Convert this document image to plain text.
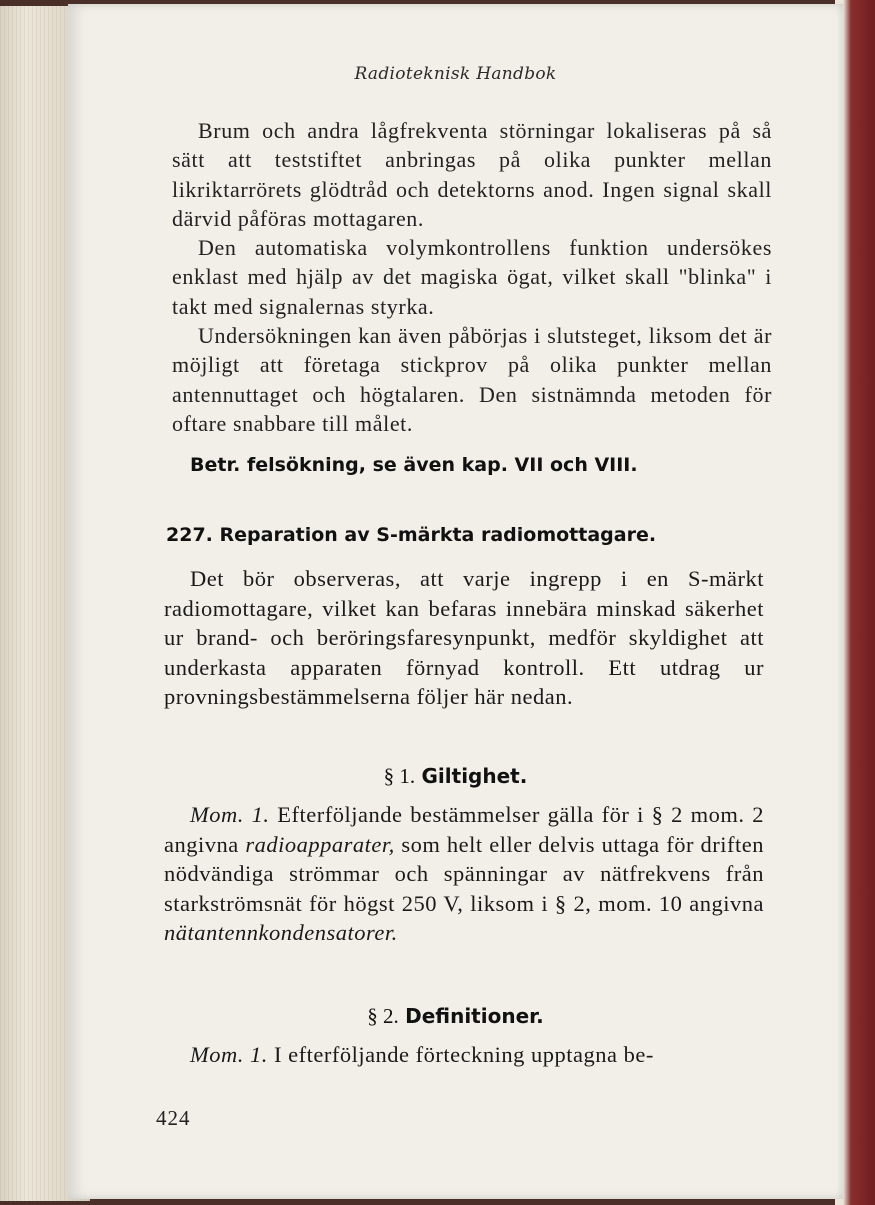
Radioteknisk Handbok

Brum och andra lågfrekventa störningar lokaliseras på så sätt att teststiftet anbringas på olika punkter mellan likriktarrörets glödtråd och detektorns anod. Ingen signal skall därvid påföras mottagaren.

Den automatiska volymkontrollens funktion undersökes enklast med hjälp av det magiska ögat, vilket skall "blinka" i takt med signalernas styrka.

Undersökningen kan även påbörjas i slutsteget, liksom det är möjligt att företaga stickprov på olika punkter mellan antennuttaget och högtalaren. Den sistnämnda metoden för oftare snabbare till målet.

Betr. felsökning, se även kap. VII och VIII.
227. Reparation av S-märkta radiomottagare.

Det bör observeras, att varje ingrepp i en S-märkt radiomottagare, vilket kan befaras innebära minskad säkerhet ur brand- och beröringsfaresynpunkt, medför skyldighet att underkasta apparaten förnyad kontroll. Ett utdrag ur provningsbestämmelserna följer här nedan.

§ 1. Giltighet.

Mom. 1. Efterföljande bestämmelser gälla för i § 2 mom. 2 angivna radioapparater, som helt eller delvis uttaga för driften nödvändiga strömmar och spänningar av nätfrekvens från starkströmsnät för högst 250 V, liksom i § 2, mom. 10 angivna nätantennkondensatorer.

§ 2. Definitioner.

Mom. 1. I efterföljande förteckning upptagna be-

424
